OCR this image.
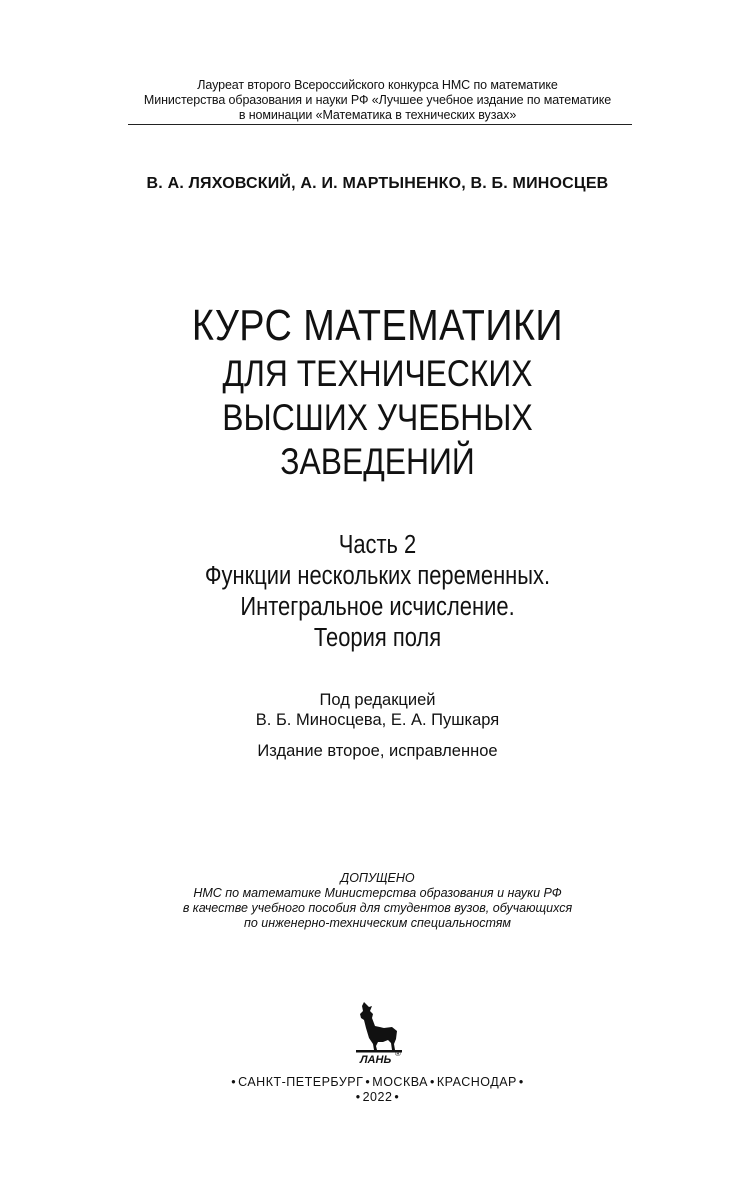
Лауреат второго Всероссийского конкурса НМС по математике
Министерства образования и науки РФ «Лучшее учебное издание по математике
в номинации «Математика в технических вузах»
В. А. ЛЯХОВСКИЙ, А. И. МАРТЫНЕНКО, В. Б. МИНОСЦЕВ
КУРС МАТЕМАТИКИ
ДЛЯ ТЕХНИЧЕСКИХ
ВЫСШИХ УЧЕБНЫХ
ЗАВЕДЕНИЙ
Часть 2
Функции нескольких переменных.
Интегральное исчисление.
Теория поля
Под редакцией
В. Б. Миносцева, Е. А. Пушкаря
Издание второе, исправленное
ДОПУЩЕНО
НМС по математике Министерства образования и науки РФ
в качестве учебного пособия для студентов вузов, обучающихся
по инженерно-техническим специальностям
ЛАНЬ
®
• САНКТ-ПЕТЕРБУРГ • МОСКВА • КРАСНОДАР •
• 2022 •
